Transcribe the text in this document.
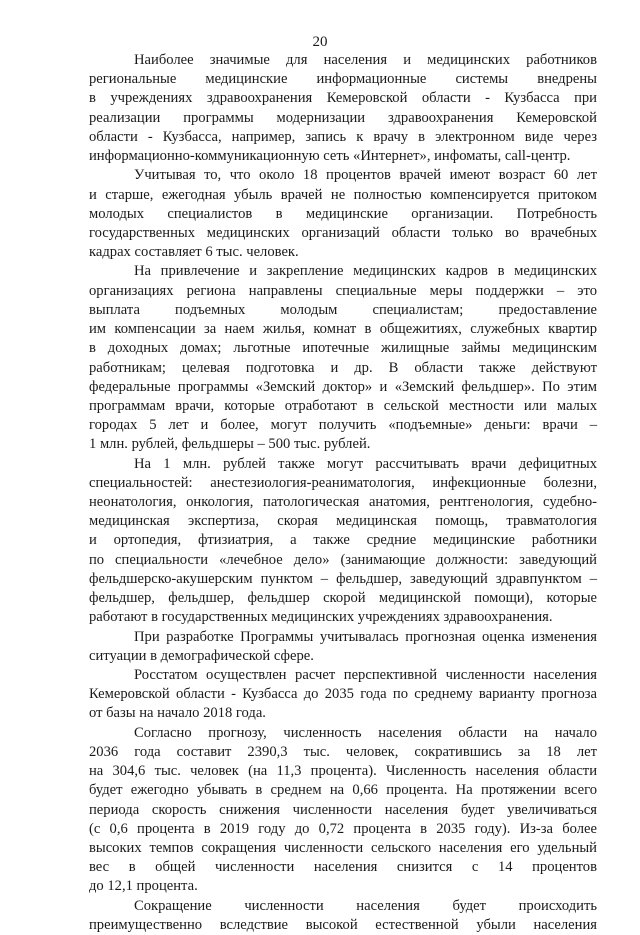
20
Наиболее значимые для населения и медицинских работников
региональные медицинские информационные системы внедрены
в учреждениях здравоохранения Кемеровской области - Кузбасса при
реализации программы модернизации здравоохранения Кемеровской
области - Кузбасса, например, запись к врачу в электронном виде через
информационно-коммуникационную сеть «Интернет», инфоматы, call-центр.
Учитывая то, что около 18 процентов врачей имеют возраст 60 лет
и старше, ежегодная убыль врачей не полностью компенсируется притоком
молодых специалистов в медицинские организации. Потребность
государственных медицинских организаций области только во врачебных
кадрах составляет 6 тыс. человек.
На привлечение и закрепление медицинских кадров в медицинских
организациях региона направлены специальные меры поддержки – это
выплата подъемных молодым специалистам; предоставление
им компенсации за наем жилья, комнат в общежитиях, служебных квартир
в доходных домах; льготные ипотечные жилищные займы медицинским
работникам; целевая подготовка и др. В области также действуют
федеральные программы «Земский доктор» и «Земский фельдшер». По этим
программам врачи, которые отработают в сельской местности или малых
городах 5 лет и более, могут получить «подъемные» деньги: врачи –
1 млн. рублей, фельдшеры – 500 тыс. рублей.
На 1 млн. рублей также могут рассчитывать врачи дефицитных
специальностей: анестезиология-реаниматология, инфекционные болезни,
неонатология, онкология, патологическая анатомия, рентгенология, судебно-
медицинская экспертиза, скорая медицинская помощь, травматология
и ортопедия, фтизиатрия, а также средние медицинские работники
по специальности «лечебное дело» (занимающие должности: заведующий
фельдшерско-акушерским пунктом – фельдшер, заведующий здравпунктом –
фельдшер, фельдшер, фельдшер скорой медицинской помощи), которые
работают в государственных медицинских учреждениях здравоохранения.
При разработке Программы учитывалась прогнозная оценка изменения
ситуации в демографической сфере.
Росстатом осуществлен расчет перспективной численности населения
Кемеровской области - Кузбасса до 2035 года по среднему варианту прогноза
от базы на начало 2018 года.
Согласно прогнозу, численность населения области на начало
2036 года составит 2390,3 тыс. человек, сократившись за 18 лет
на 304,6 тыс. человек (на 11,3 процента). Численность населения области
будет ежегодно убывать в среднем на 0,66 процента. На протяжении всего
периода скорость снижения численности населения будет увеличиваться
(с 0,6 процента в 2019 году до 0,72 процента в 2035 году). Из-за более
высоких темпов сокращения численности сельского населения его удельный
вес в общей численности населения снизится с 14 процентов
до 12,1 процента.
Сокращение численности населения будет происходить
преимущественно вследствие высокой естественной убыли населения
